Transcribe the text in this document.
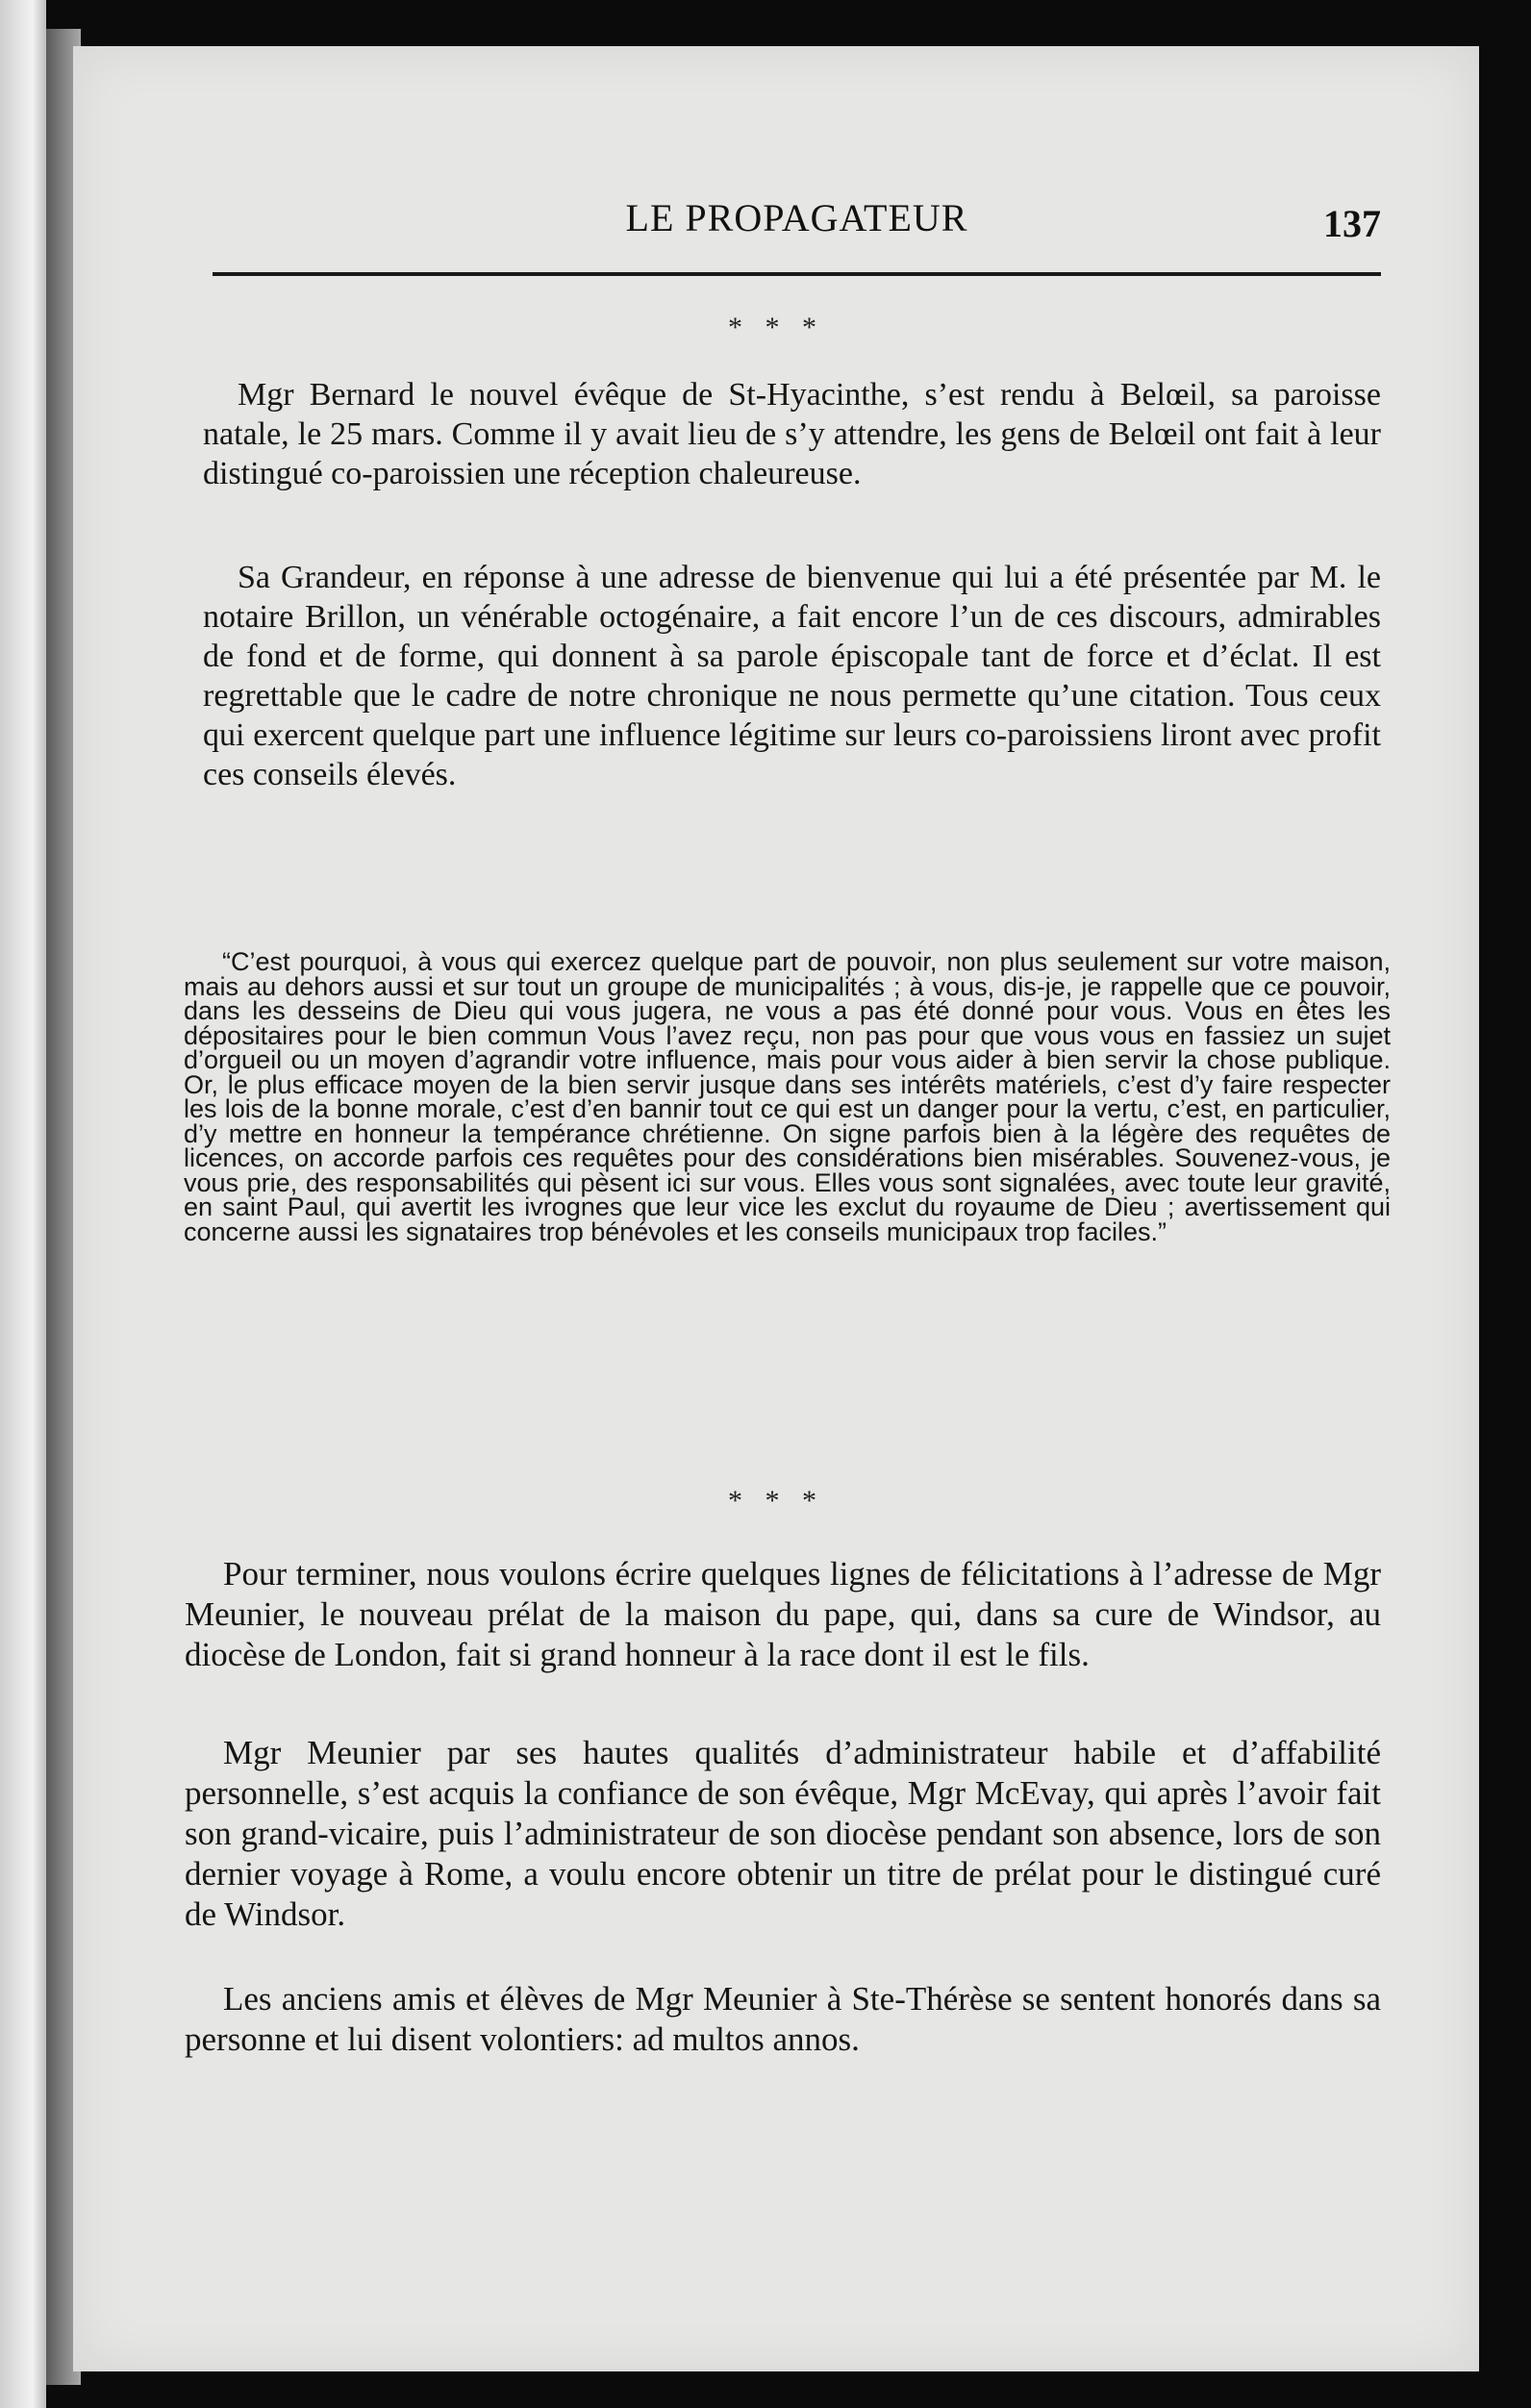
LE PROPAGATEUR	137
* * *

Mgr Bernard le nouvel évêque de St-Hyacinthe, s’est rendu à Belœil, sa paroisse natale, le 25 mars. Comme il y avait lieu de s’y attendre, les gens de Belœil ont fait à leur distingué co-paroissien une réception chaleureuse.

Sa Grandeur, en réponse à une adresse de bienvenue qui lui a été présentée par M. le notaire Brillon, un vénérable octogénaire, a fait encore l’un de ces discours, admirables de fond et de forme, qui donnent à sa parole épiscopale tant de force et d’éclat. Il est regrettable que le cadre de notre chronique ne nous permette qu’une citation. Tous ceux qui exercent quelque part une influence légitime sur leurs co-paroissiens liront avec profit ces conseils élevés.

“C’est pourquoi, à vous qui exercez quelque part de pouvoir, non plus seulement sur votre maison, mais au dehors aussi et sur tout un groupe de municipalités ; à vous, dis-je, je rappelle que ce pouvoir, dans les desseins de Dieu qui vous jugera, ne vous a pas été donné pour vous. Vous en êtes les dépositaires pour le bien commun Vous l’avez reçu, non pas pour que vous vous en fassiez un sujet d’orgueil ou un moyen d’agrandir votre influence, mais pour vous aider à bien servir la chose publique. Or, le plus efficace moyen de la bien servir jusque dans ses intérêts matériels, c’est d’y faire respecter les lois de la bonne morale, c’est d’en bannir tout ce qui est un danger pour la vertu, c’est, en particulier, d’y mettre en honneur la tempérance chrétienne. On signe parfois bien à la légère des requêtes de licences, on accorde parfois ces requêtes pour des considérations bien misérables. Souvenez-vous, je vous prie, des responsabilités qui pèsent ici sur vous. Elles vous sont signalées, avec toute leur gravité, en saint Paul, qui avertit les ivrognes que leur vice les exclut du royaume de Dieu ; avertissement qui concerne aussi les signataires trop bénévoles et les conseils municipaux trop faciles.”

* * *

Pour terminer, nous voulons écrire quelques lignes de félicitations à l’adresse de Mgr Meunier, le nouveau prélat de la maison du pape, qui, dans sa cure de Windsor, au diocèse de London, fait si grand honneur à la race dont il est le fils.

Mgr Meunier par ses hautes qualités d’administrateur habile et d’affabilité personnelle, s’est acquis la confiance de son évêque, Mgr McEvay, qui après l’avoir fait son grand-vicaire, puis l’administrateur de son diocèse pendant son absence, lors de son dernier voyage à Rome, a voulu encore obtenir un titre de prélat pour le distingué curé de Windsor.

Les anciens amis et élèves de Mgr Meunier à Ste-Thérèse se sentent honorés dans sa personne et lui disent volontiers: ad multos annos.
